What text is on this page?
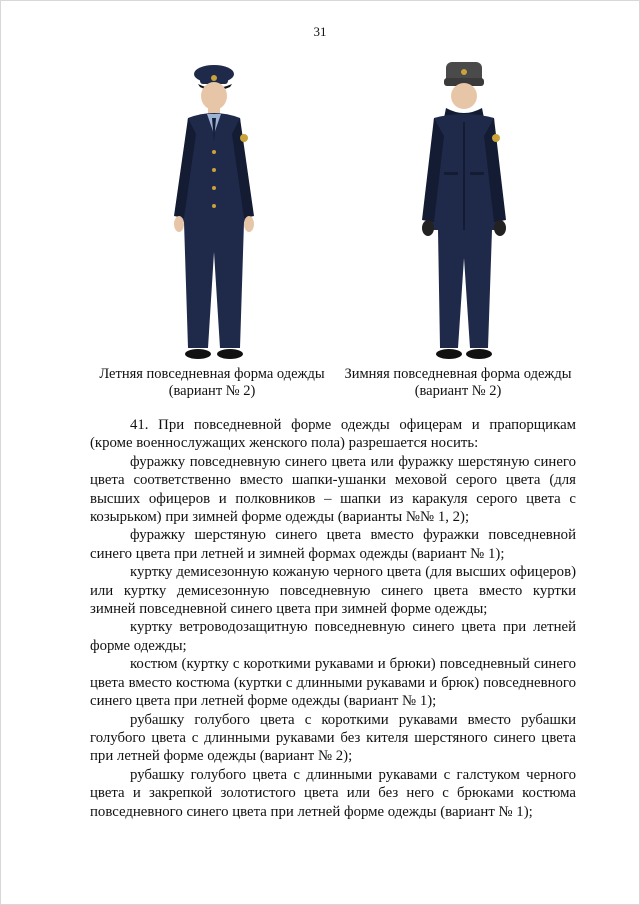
31
Летняя повседневная форма одежды
(вариант № 2)
Зимняя повседневная форма одежды
(вариант № 2)

41. При повседневной форме одежды офицерам и прапорщикам (кроме военнослужащих женского пола) разрешается носить:

фуражку повседневную синего цвета или фуражку шерстяную синего цвета соответственно вместо шапки-ушанки меховой серого цвета (для высших офицеров и полковников – шапки из каракуля серого цвета с козырьком) при зимней форме одежды (варианты №№ 1, 2);

фуражку шерстяную синего цвета вместо фуражки повседневной синего цвета при летней и зимней формах одежды (вариант № 1);

куртку демисезонную кожаную черного цвета (для высших офицеров) или куртку демисезонную повседневную синего цвета вместо куртки зимней повседневной синего цвета при зимней форме одежды;

куртку ветроводозащитную повседневную синего цвета при летней форме одежды;

костюм (куртку с короткими рукавами и брюки) повседневный синего цвета вместо костюма (куртки с длинными рукавами и брюк) повседневного синего цвета при летней форме одежды (вариант № 1);

рубашку голубого цвета с короткими рукавами вместо рубашки голубого цвета с длинными рукавами без кителя шерстяного синего цвета при летней форме одежды (вариант № 2);

рубашку голубого цвета с длинными рукавами с галстуком черного цвета и закрепкой золотистого цвета или без него с брюками костюма повседневного синего цвета при летней форме одежды (вариант № 1);
